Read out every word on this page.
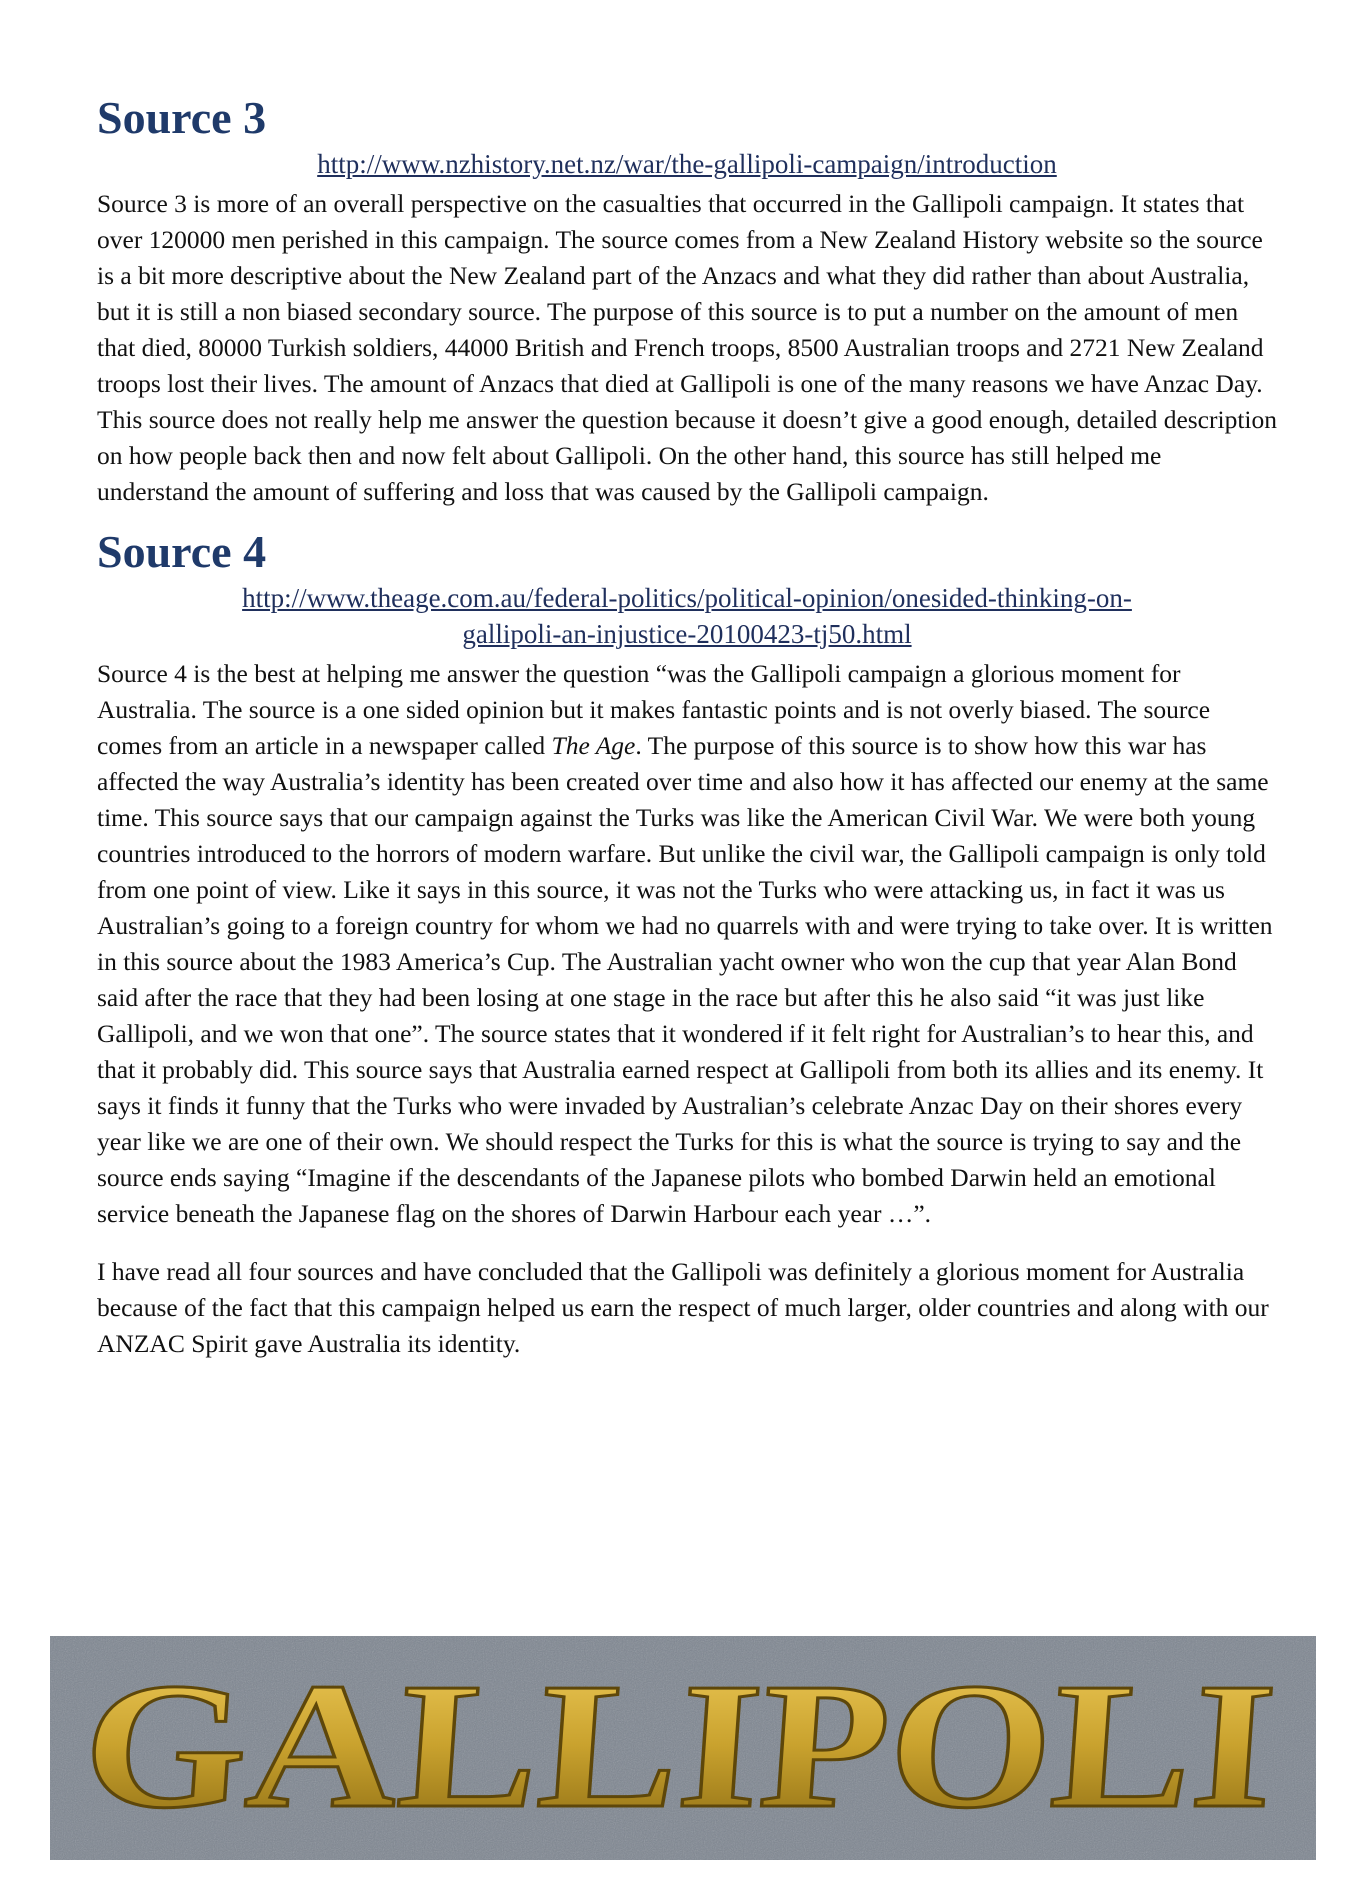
Source 3
http://www.nzhistory.net.nz/war/the-gallipoli-campaign/introduction

Source 3 is more of an overall perspective on the casualties that occurred in the Gallipoli campaign. It states that over 120000 men perished in this campaign. The source comes from a New Zealand History website so the source is a bit more descriptive about the New Zealand part of the Anzacs and what they did rather than about Australia, but it is still a non biased secondary source. The purpose of this source is to put a number on the amount of men that died, 80000 Turkish soldiers, 44000 British and French troops, 8500 Australian troops and 2721 New Zealand troops lost their lives. The amount of Anzacs that died at Gallipoli is one of the many reasons we have Anzac Day. This source does not really help me answer the question because it doesn’t give a good enough, detailed description on how people back then and now felt about Gallipoli. On the other hand, this source has still helped me understand the amount of suffering and loss that was caused by the Gallipoli campaign.

Source 4
http://www.theage.com.au/federal-politics/political-opinion/onesided-thinking-on-
gallipoli-an-injustice-20100423-tj50.html

Source 4 is the best at helping me answer the question “was the Gallipoli campaign a glorious moment for Australia. The source is a one sided opinion but it makes fantastic points and is not overly biased. The source comes from an article in a newspaper called The Age. The purpose of this source is to show how this war has affected the way Australia’s identity has been created over time and also how it has affected our enemy at the same time. This source says that our campaign against the Turks was like the American Civil War. We were both young countries introduced to the horrors of modern warfare. But unlike the civil war, the Gallipoli campaign is only told from one point of view. Like it says in this source, it was not the Turks who were attacking us, in fact it was us Australian’s going to a foreign country for whom we had no quarrels with and were trying to take over. It is written in this source about the 1983 America’s Cup. The Australian yacht owner who won the cup that year Alan Bond said after the race that they had been losing at one stage in the race but after this he also said “it was just like Gallipoli, and we won that one”. The source states that it wondered if it felt right for Australian’s to hear this, and that it probably did. This source says that Australia earned respect at Gallipoli from both its allies and its enemy. It says it finds it funny that the Turks who were invaded by Australian’s celebrate Anzac Day on their shores every year like we are one of their own. We should respect the Turks for this is what the source is trying to say and the source ends saying “Imagine if the descendants of the Japanese pilots who bombed Darwin held an emotional service beneath the Japanese flag on the shores of Darwin Harbour each year …”.

I have read all four sources and have concluded that the Gallipoli was definitely a glorious moment for Australia because of the fact that this campaign helped us earn the respect of much larger, older countries and along with our ANZAC Spirit gave Australia its identity.

GALLIPOLI
